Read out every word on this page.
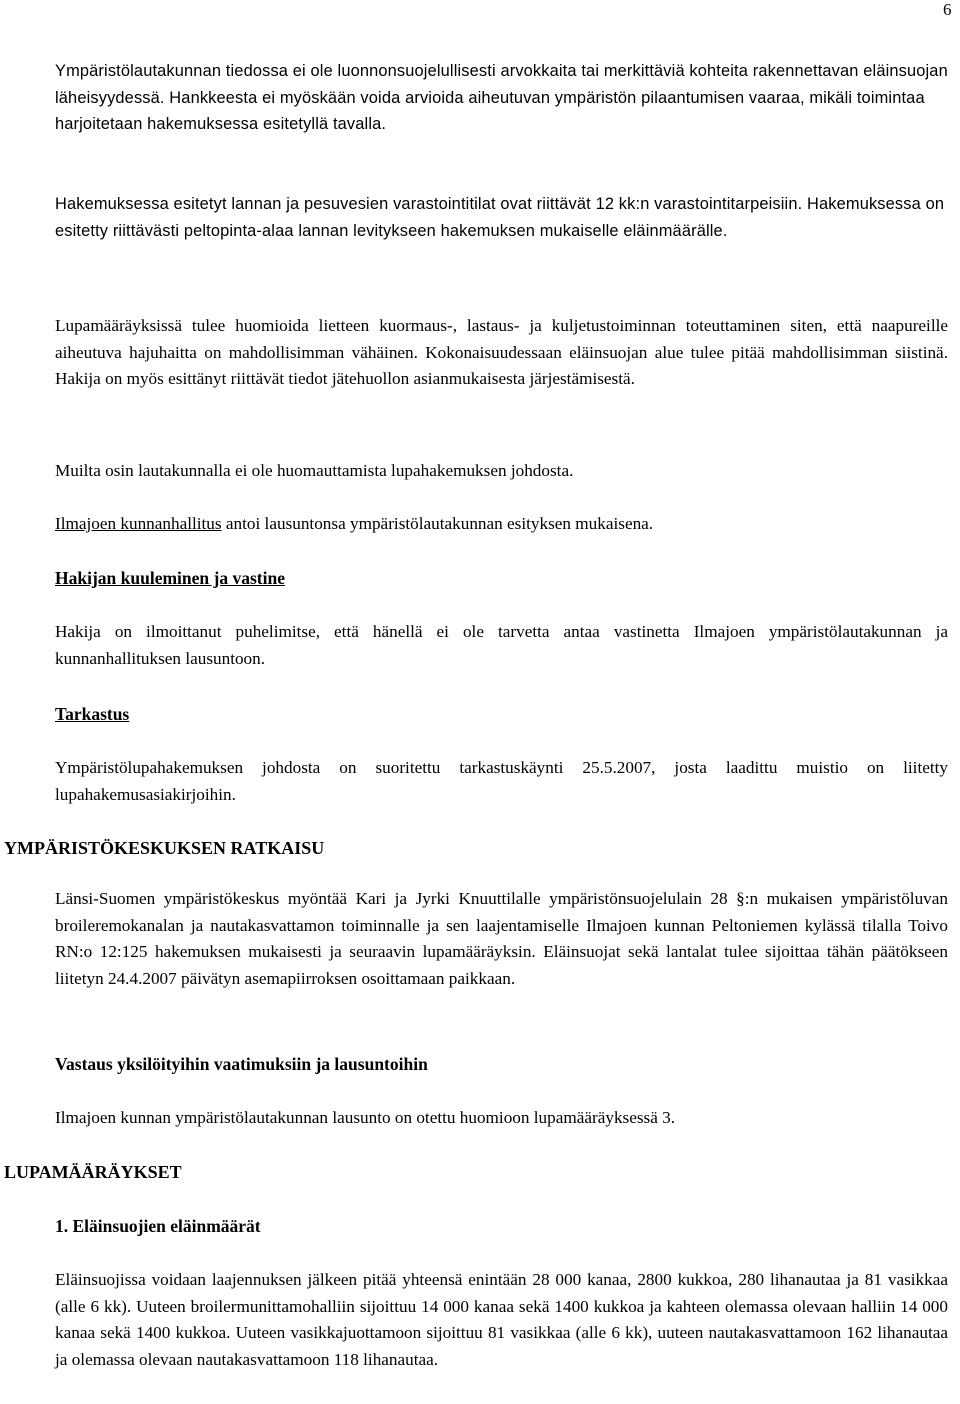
6

Ympäristölautakunnan tiedossa ei ole luonnonsuojelullisesti arvokkaita tai merkittäviä kohteita rakennettavan eläinsuojan läheisyydessä. Hankkeesta ei myöskään voida arvioida aiheutuvan ympäristön pilaantumisen vaaraa, mikäli toimintaa harjoitetaan hakemuksessa esitetyllä tavalla.

Hakemuksessa esitetyt lannan ja pesuvesien varastointitilat ovat riittävät 12 kk:n varastointitarpeisiin. Hakemuksessa on esitetty riittävästi peltopinta-alaa lannan levitykseen hakemuksen mukaiselle eläinmäärälle.

Lupamääräyksissä tulee huomioida lietteen kuormaus-, lastaus- ja kuljetustoiminnan toteuttaminen siten, että naapureille aiheutuva hajuhaitta on mahdollisimman vähäinen. Kokonaisuudessaan eläinsuojan alue tulee pitää mahdollisimman siistinä. Hakija on myös esittänyt riittävät tiedot jätehuollon asianmukaisesta järjestämisestä.

Muilta osin lautakunnalla ei ole huomauttamista lupahakemuksen johdosta.

Ilmajoen kunnanhallitus antoi lausuntonsa ympäristölautakunnan esityksen mukaisena.

Hakijan kuuleminen ja vastine

Hakija on ilmoittanut puhelimitse, että hänellä ei ole tarvetta antaa vastinetta Ilmajoen ympäristölautakunnan ja kunnanhallituksen lausuntoon.

Tarkastus

Ympäristölupahakemuksen johdosta on suoritettu tarkastuskäynti 25.5.2007, josta laadittu muistio on liitetty lupahakemusasiakirjoihin.

YMPÄRISTÖKESKUKSEN RATKAISU

Länsi-Suomen ympäristökeskus myöntää Kari ja Jyrki Knuuttilalle ympäristönsuojelulain 28 §:n mukaisen ympäristöluvan broileremokanalan ja nautakasvattamon toiminnalle ja sen laajentamiselle Ilmajoen kunnan Peltoniemen kylässä tilalla Toivo RN:o 12:125 hakemuksen mukaisesti ja seuraavin lupamääräyksin. Eläinsuojat sekä lantalat tulee sijoittaa tähän päätökseen liitetyn 24.4.2007 päivätyn asemapiirroksen osoittamaan paikkaan.

Vastaus yksilöityihin vaatimuksiin ja lausuntoihin

Ilmajoen kunnan ympäristölautakunnan lausunto on otettu huomioon lupamääräyksessä 3.

LUPAMÄÄRÄYKSET
1. Eläinsuojien eläinmäärät

Eläinsuojissa voidaan laajennuksen jälkeen pitää yhteensä enintään 28 000 kanaa, 2800 kukkoa, 280 lihanautaa ja 81 vasikkaa (alle 6 kk). Uuteen broilermunittamohalliin sijoittuu 14 000 kanaa sekä 1400 kukkoa ja kahteen olemassa olevaan halliin 14 000 kanaa sekä 1400 kukkoa. Uuteen vasikkajuottamoon sijoittuu 81 vasikkaa (alle 6 kk), uuteen nautakasvattamoon 162 lihanautaa ja olemassa olevaan nautakasvattamoon 118 lihanautaa.
